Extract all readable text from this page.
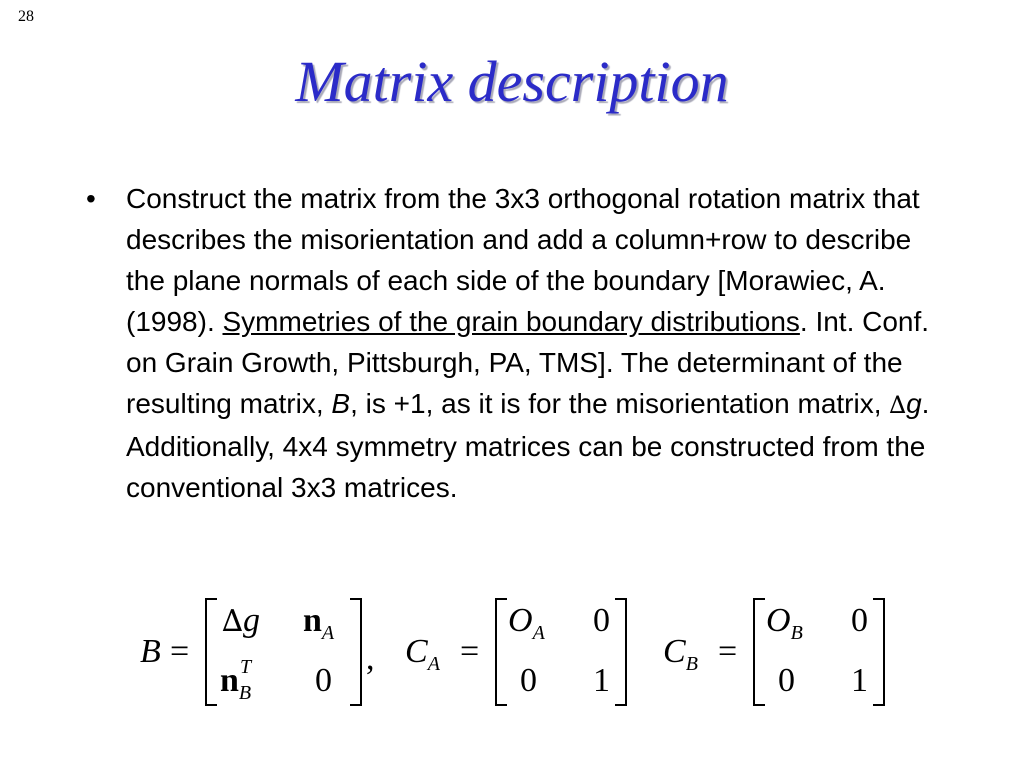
28
Matrix description
• Construct the matrix from the 3x3 orthogonal rotation matrix that describes the misorientation and add a column+row to describe the plane normals of each side of the boundary [Morawiec, A. (1998). Symmetries of the grain boundary distributions. Int. Conf. on Grain Growth, Pittsburgh, PA, TMS]. The determinant of the resulting matrix, B, is +1, as it is for the misorientation matrix, ∆g. Additionally, 4x4 symmetry matrices can be constructed from the conventional 3x3 matrices.
B =
∆g $n_A$
n T
$_B$ 0
, $C_A$ =
$O_A$ 0
0 1
$C_B$ =
$O_B$ 0
0 1
